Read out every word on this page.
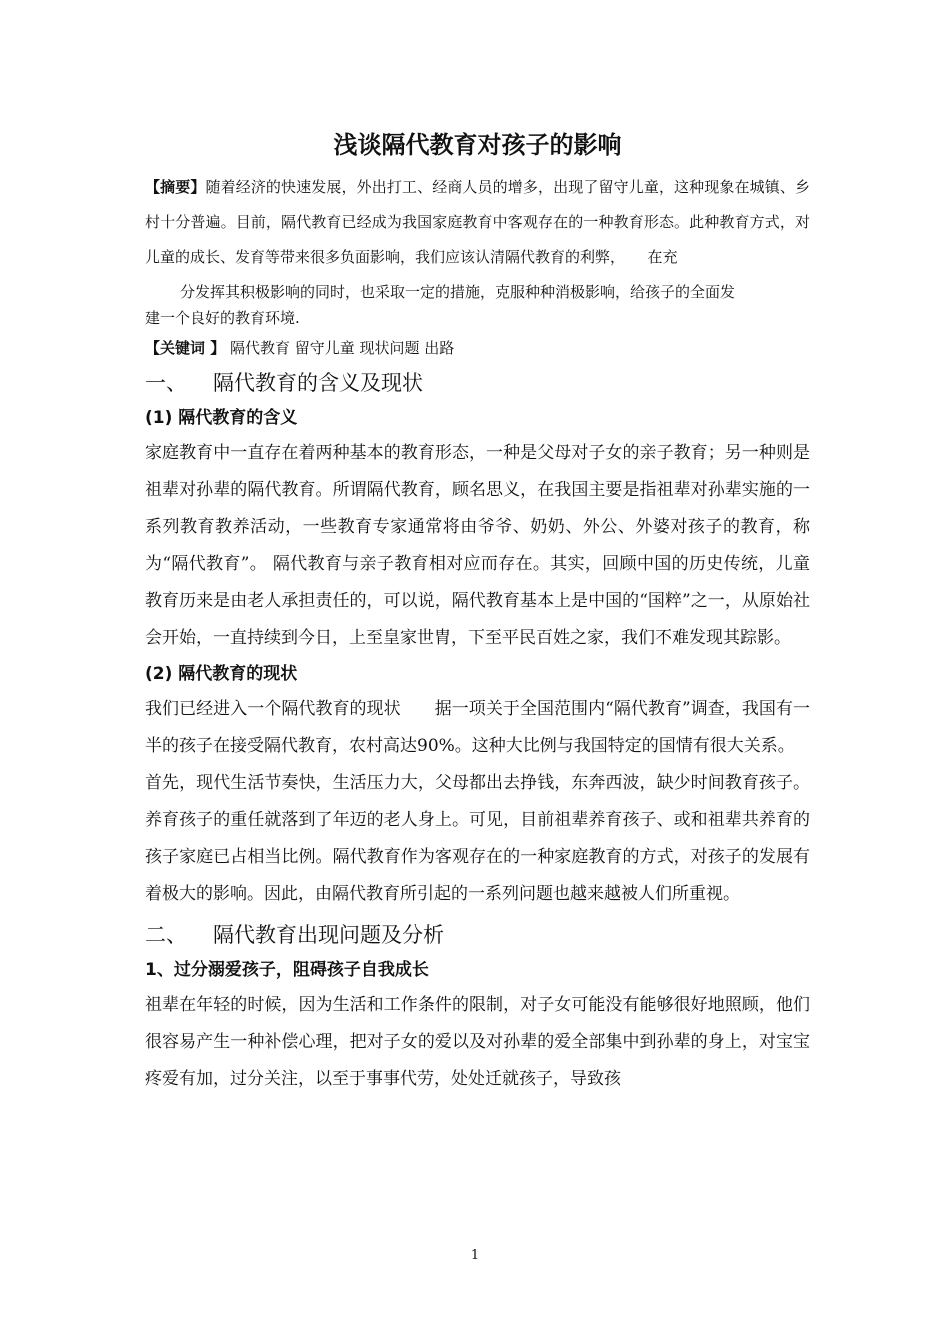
浅谈隔代教育对孩子的影响

【摘要】随着经济的快速发展，外出打工、经商人员的增多，出现了留守儿童，这种现象在城镇、乡村十分普遍。目前，隔代教育已经成为我国家庭教育中客观存在的一种教育形态。此种教育方式，对儿童的成长、发育等带来很多负面影响，我们应该认清隔代教育的利弊，　　在充

分发挥其积极影响的同时，也采取一定的措施，克服种种消极影响，给孩子的全面发

建一个良好的教育环境.

【关键词 】 隔代教育 留守儿童 现状问题 出路

一、 隔代教育的含义及现状
(1) 隔代教育的含义

家庭教育中一直存在着两种基本的教育形态，一种是父母对子女的亲子教育；另一种则是祖辈对孙辈的隔代教育。所谓隔代教育，顾名思义，在我国主要是指祖辈对孙辈实施的一系列教育教养活动，一些教育专家通常将由爷爷、奶奶、外公、外婆对孩子的教育，称为“隔代教育”。 隔代教育与亲子教育相对应而存在。其实，回顾中国的历史传统，儿童教育历来是由老人承担责任的，可以说，隔代教育基本上是中国的“国粹”之一，从原始社会开始，一直持续到今日，上至皇家世胄，下至平民百姓之家，我们不难发现其踪影。

(2) 隔代教育的现状

我们已经进入一个隔代教育的现状　　据一项关于全国范围内“隔代教育”调查，我国有一半的孩子在接受隔代教育，农村高达90%。这种大比例与我国特定的国情有很大关系。

首先，现代生活节奏快，生活压力大，父母都出去挣钱，东奔西波，缺少时间教育孩子。养育孩子的重任就落到了年迈的老人身上。可见，目前祖辈养育孩子、或和祖辈共养育的孩子家庭已占相当比例。隔代教育作为客观存在的一种家庭教育的方式，对孩子的发展有着极大的影响。因此，由隔代教育所引起的一系列问题也越来越被人们所重视。

二、 隔代教育出现问题及分析
1、过分溺爱孩子，阻碍孩子自我成长

祖辈在年轻的时候，因为生活和工作条件的限制，对子女可能没有能够很好地照顾，他们很容易产生一种补偿心理，把对子女的爱以及对孙辈的爱全部集中到孙辈的身上，对宝宝疼爱有加，过分关注，以至于事事代劳，处处迁就孩子，导致孩

1
